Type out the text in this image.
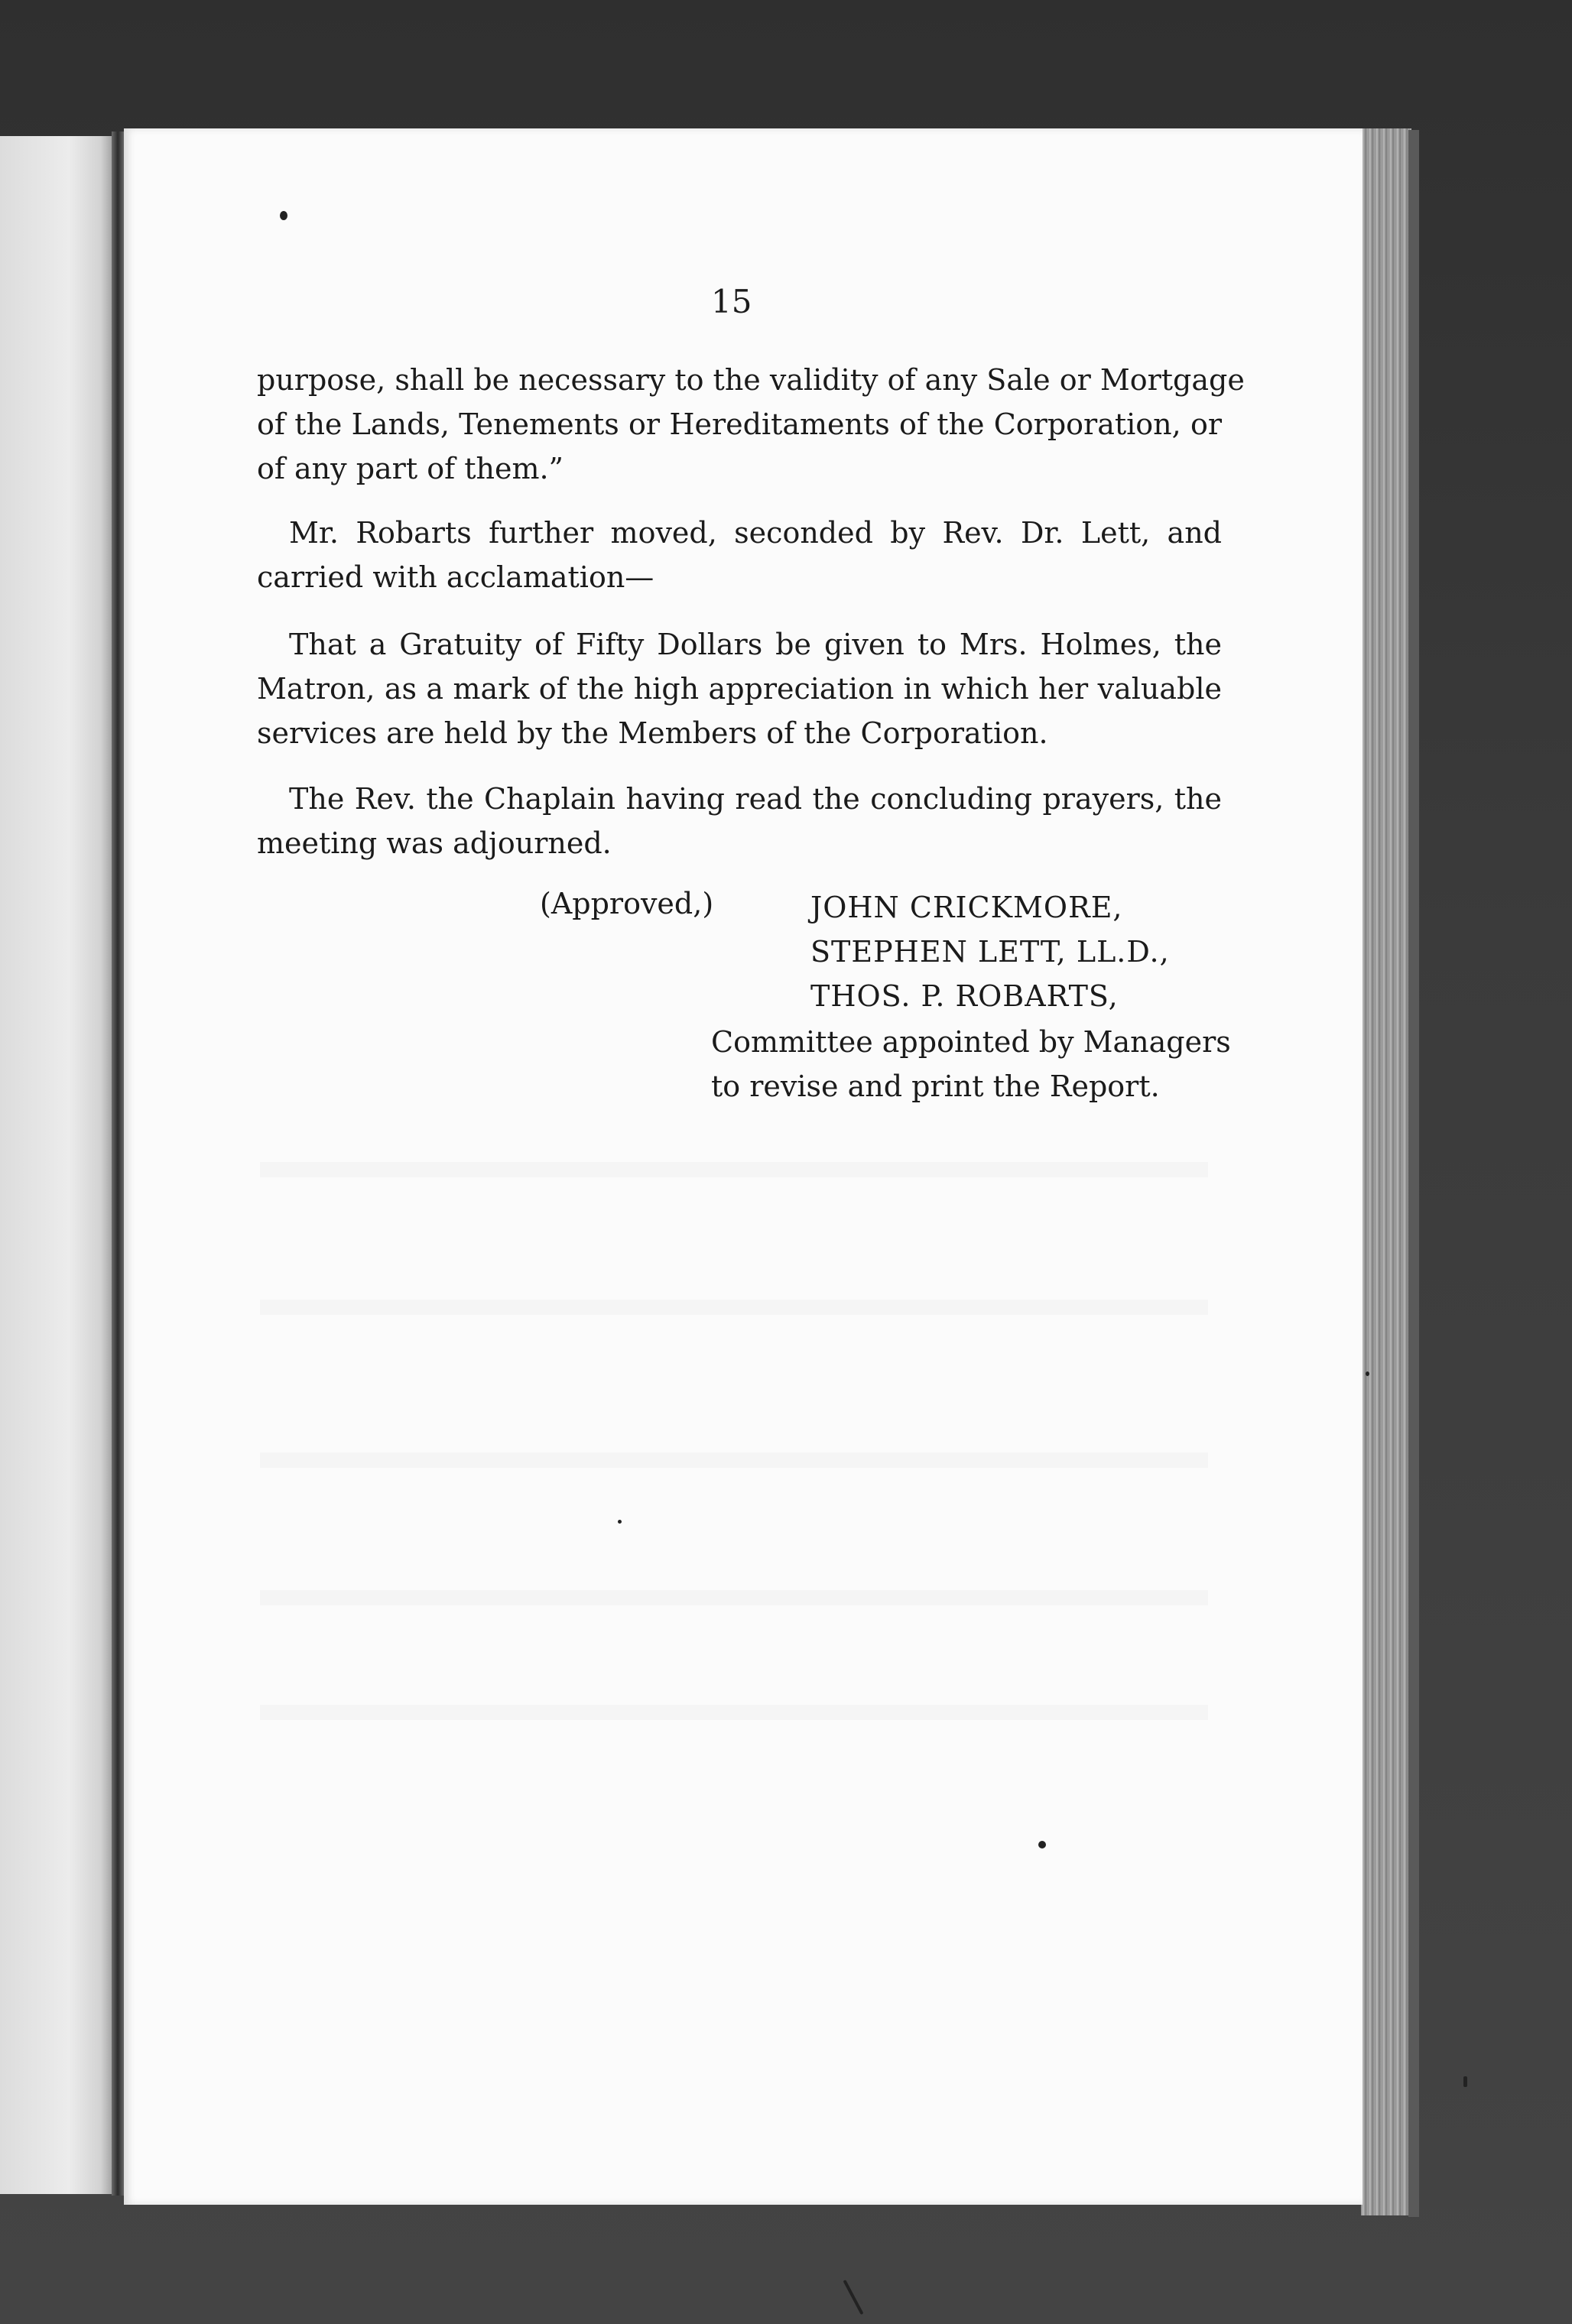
15

purpose, shall be necessary to the validity of any Sale or Mortgage
of the Lands, Tenements or Hereditaments of the Corporation, or
of any part of them.”

Mr. Robarts further moved, seconded by Rev. Dr. Lett, and
carried with acclamation—

That a Gratuity of Fifty Dollars be given to Mrs. Holmes, the
Matron, as a mark of the high appreciation in which her valuable
services are held by the Members of the Corporation.

The Rev. the Chaplain having read the concluding prayers, the
meeting was adjourned.

(Approved,)	JOHN CRICKMORE,
STEPHEN LETT, LL.D.,
THOS. P. ROBARTS,
Committee appointed by Managers
to revise and print the Report.
